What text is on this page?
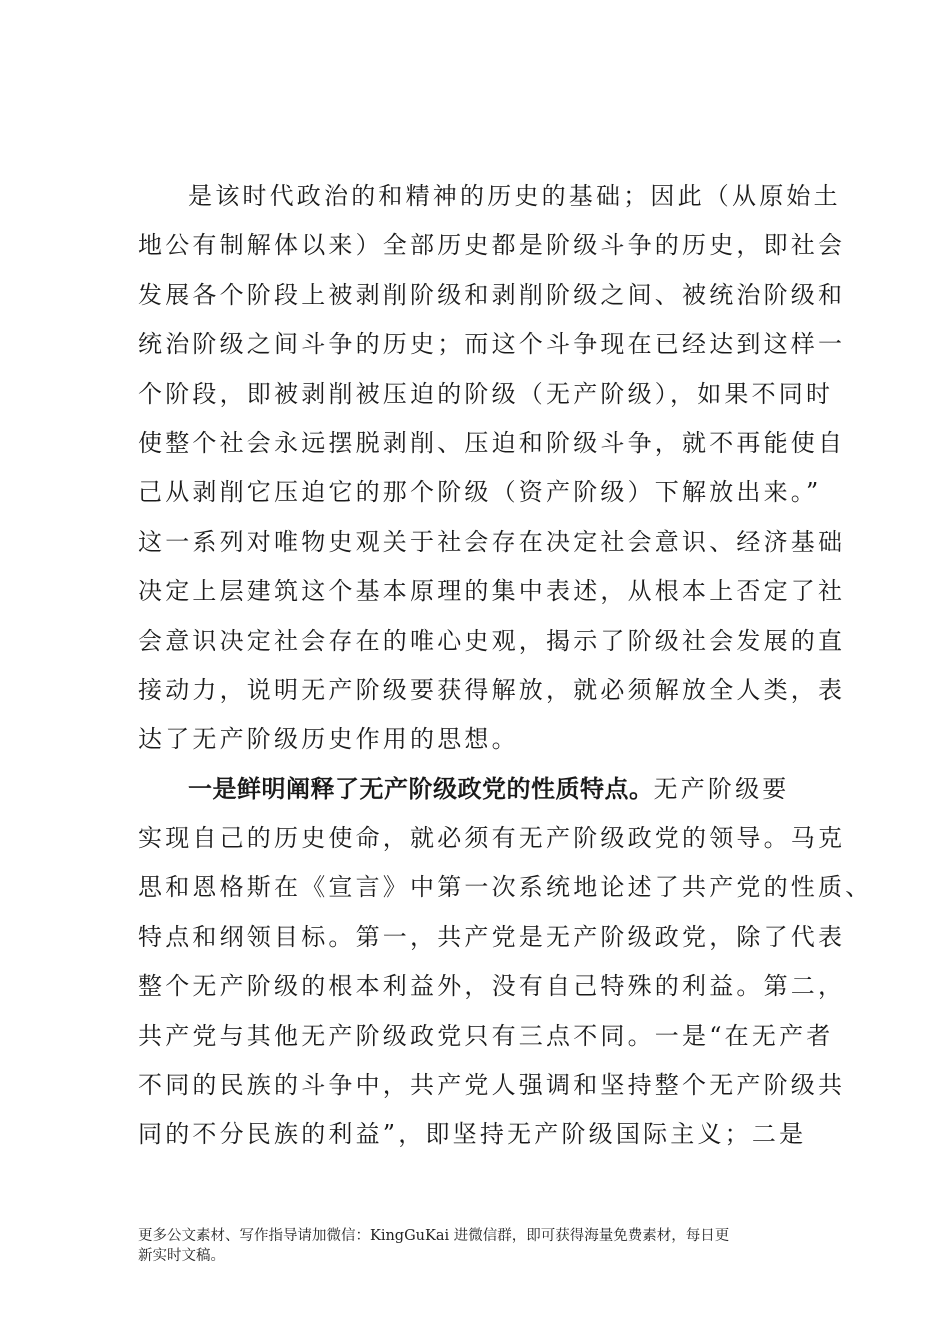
是该时代政治的和精神的历史的基础；因此（从原始土
地公有制解体以来）全部历史都是阶级斗争的历史，即社会
发展各个阶段上被剥削阶级和剥削阶级之间、被统治阶级和
统治阶级之间斗争的历史；而这个斗争现在已经达到这样一
个阶段，即被剥削被压迫的阶级（无产阶级），如果不同时
使整个社会永远摆脱剥削、压迫和阶级斗争，就不再能使自
己从剥削它压迫它的那个阶级（资产阶级）下解放出来。”
这一系列对唯物史观关于社会存在决定社会意识、经济基础
决定上层建筑这个基本原理的集中表述，从根本上否定了社
会意识决定社会存在的唯心史观，揭示了阶级社会发展的直
接动力，说明无产阶级要获得解放，就必须解放全人类，表
达了无产阶级历史作用的思想。
一是鲜明阐释了无产阶级政党的性质特点。无产阶级要
实现自己的历史使命，就必须有无产阶级政党的领导。马克
思和恩格斯在《宣言》中第一次系统地论述了共产党的性质、
特点和纲领目标。第一，共产党是无产阶级政党，除了代表
整个无产阶级的根本利益外，没有自己特殊的利益。第二，
共产党与其他无产阶级政党只有三点不同。一是“在无产者
不同的民族的斗争中，共产党人强调和坚持整个无产阶级共
同的不分民族的利益”，即坚持无产阶级国际主义；二是
更多公文素材、写作指导请加微信：KingGuKai 进微信群，即可获得海量免费素材，每日更
新实时文稿。
